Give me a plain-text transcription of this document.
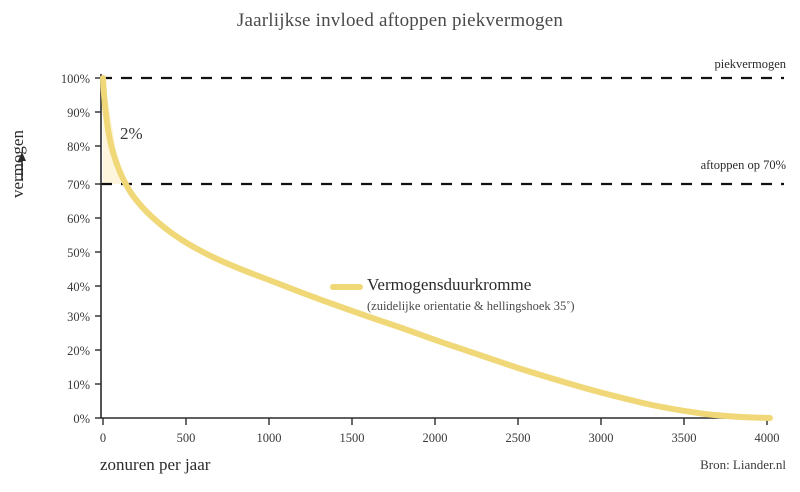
Jaarlijkse invloed aftoppen piekvermogen
100%
90%
80%
70%
60%
50%
40%
30%
20%
10%
0%
0	500	1000	1500	2000	2500	3000	3500	4000
vermogen
zonuren per jaar	Bron: Liander.nl
piekvermogen
aftoppen op 70%
2%
Vermogensduurkromme
(zuidelijke orientatie & hellingshoek 35˚)
